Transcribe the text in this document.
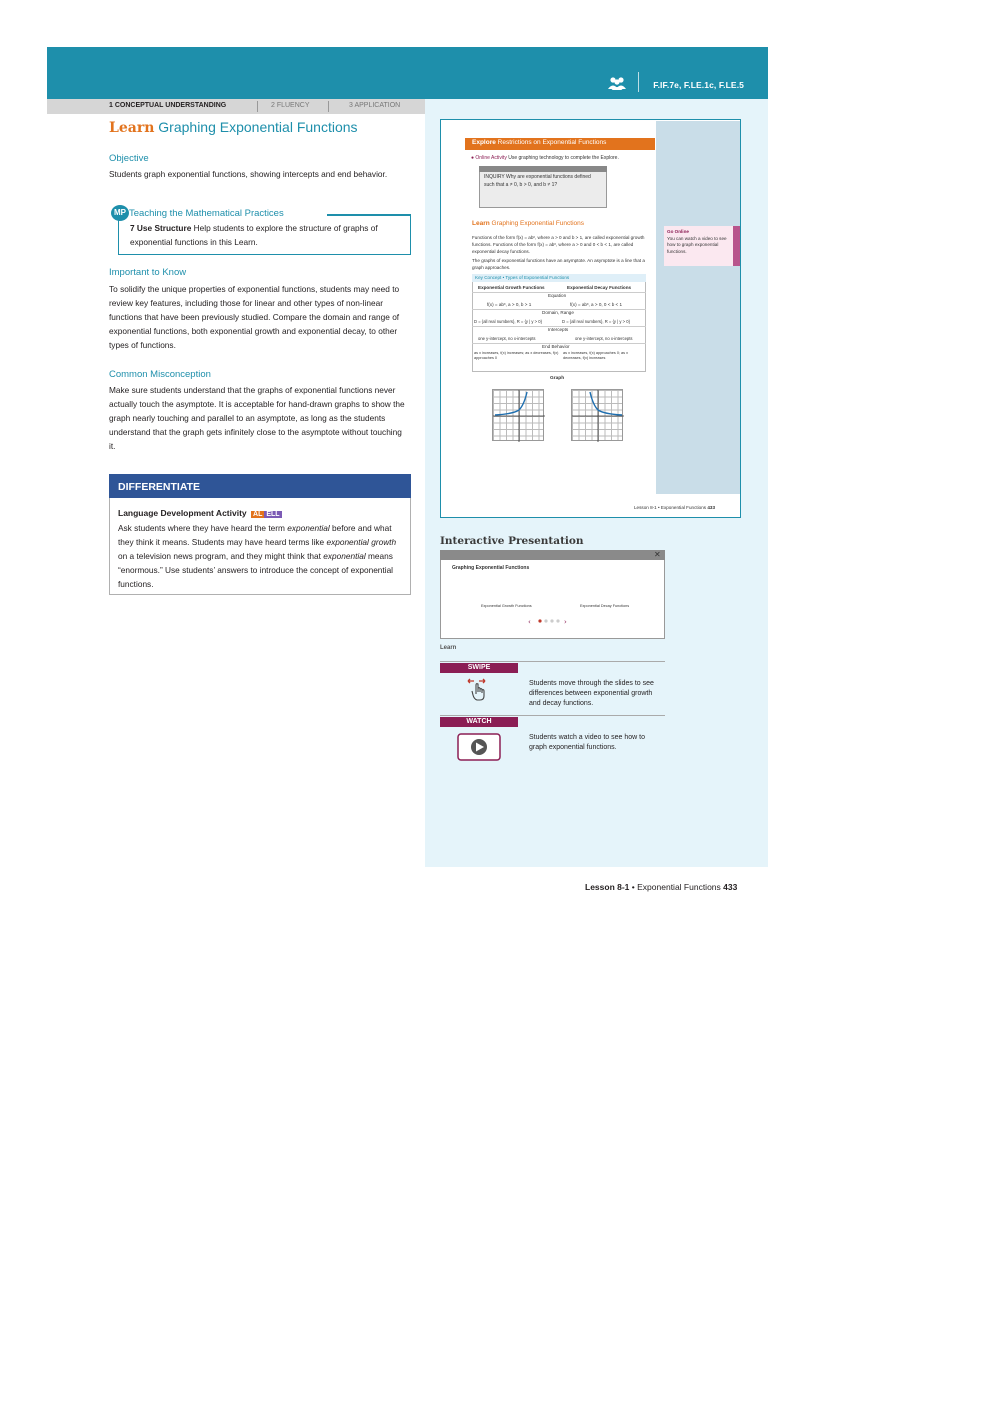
F.IF.7e, F.LE.1c, F.LE.5
1 CONCEPTUAL UNDERSTANDING	2 FLUENCY	3 APPLICATION
Learn Graphing Exponential Functions
Objective
Students graph exponential functions, showing intercepts and end behavior.
MP Teaching the Mathematical Practices
7 Use Structure Help students to explore the structure of graphs of exponential functions in this Learn.
Important to Know
To solidify the unique properties of exponential functions, students may need to review key features, including those for linear and other types of non-linear functions that have been previously studied. Compare the domain and range of exponential functions, both exponential growth and exponential decay, to other types of functions.
Common Misconception
Make sure students understand that the graphs of exponential functions never actually touch the asymptote. It is acceptable for hand-drawn graphs to show the graph nearly touching and parallel to an asymptote, as long as the students understand that the graph gets infinitely close to the asymptote without touching it.
DIFFERENTIATE
Language Development Activity AL ELL
Ask students where they have heard the term exponential before and what they think it means. Students may have heard terms like exponential growth on a television news program, and they might think that exponential means “enormous.” Use students’ answers to introduce the concept of exponential functions.
Explore Restrictions on Exponential Functions
● Online Activity Use graphing technology to complete the Explore.
INQUIRY Why are exponential functions defined such that a ≠ 0, b > 0, and b ≠ 1?
Learn Graphing Exponential Functions
Functions of the form f(x) = abˣ, where a > 0 and b > 1, are called exponential growth functions. Functions of the form f(x) = abˣ, where a > 0 and 0 < b < 1, are called exponential decay functions.
The graphs of exponential functions have an asymptote. An asymptote is a line that a graph approaches.
Go Online
You can watch a video to see how to graph exponential functions.
Key Concept • Types of Exponential Functions
Exponential Growth Functions	Exponential Decay Functions
Equation
f(x) = abˣ, a > 0, b > 1	f(x) = abˣ, a > 0, 0 < b < 1
Domain, Range
D = {all real numbers}, R = {y | y > 0}	D = {all real numbers}, R = {y | y > 0}
Intercepts
one y-intercept, no x-intercepts	one y-intercept, no x-intercepts
End Behavior
as x increases, f(x) increases; as x decreases, f(x) approaches 0
as x increases, f(x) approaches 0; as x decreases, f(x) increases
Graph
Lesson 8-1 • Exponential Functions 433
Interactive Presentation
✕
Graphing Exponential Functions
Exponential Growth Functions	Exponential Decay Functions
‹	›
Learn
SWIPE
Students move through the slides to see differences between exponential growth and decay functions.
WATCH
Students watch a video to see how to graph exponential functions.
Lesson 8-1 • Exponential Functions 433
